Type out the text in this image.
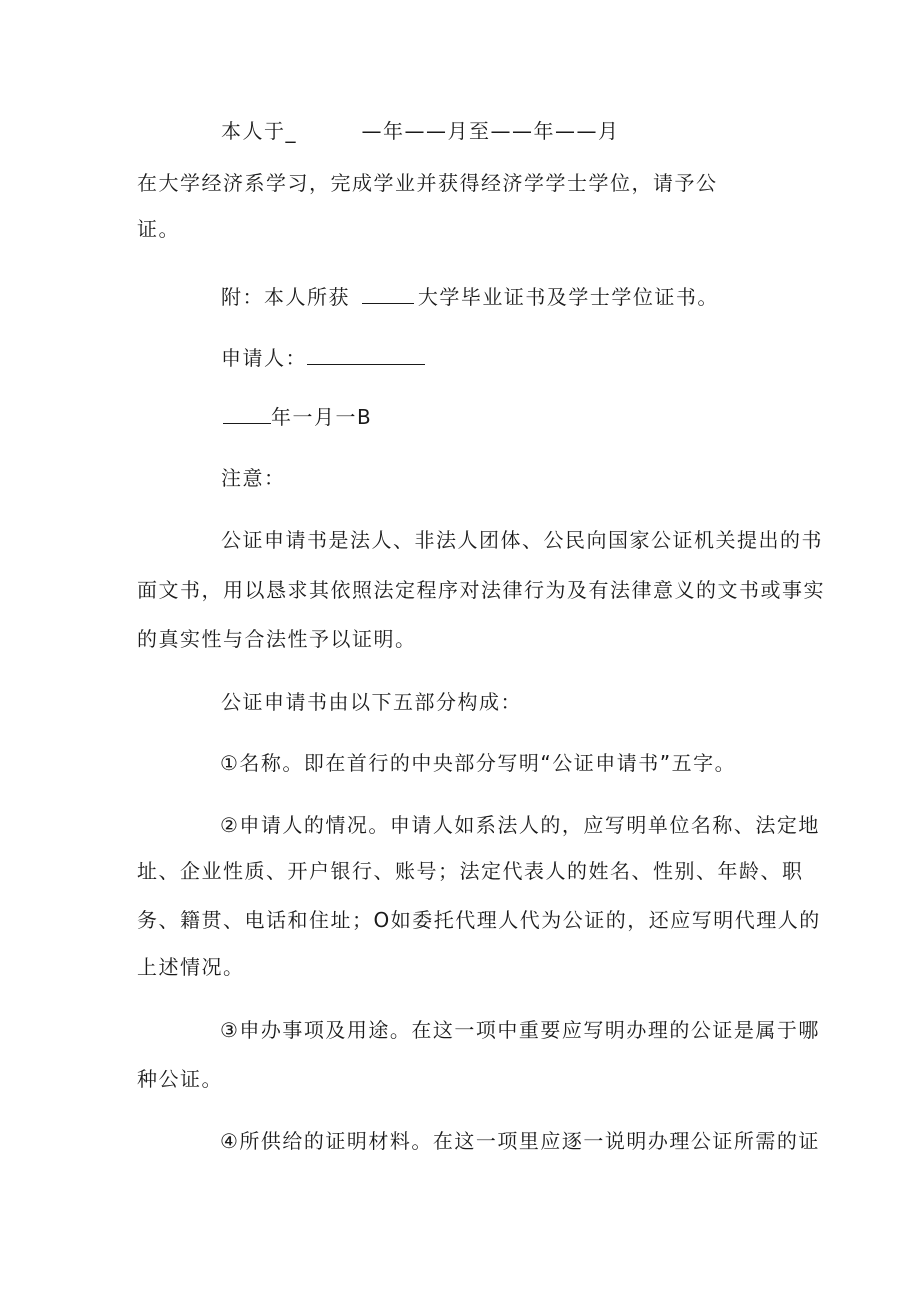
本人于_　　　—年——月至——年——月
在大学经济系学习，完成学业并获得经济学学士学位，请予公
证。
附：本人所获	大学毕业证书及学士学位证书。
申请人：
年一月一B
注意：
公证申请书是法人、非法人团体、公民向国家公证机关提出的书
面文书，用以恳求其依照法定程序对法律行为及有法律意义的文书或事实
的真实性与合法性予以证明。
公证申请书由以下五部分构成：
①名称。即在首行的中央部分写明“公证申请书”五字。
②申请人的情况。申请人如系法人的，应写明单位名称、法定地
址、企业性质、开户银行、账号；法定代表人的姓名、性别、年龄、职
务、籍贯、电话和住址；O如委托代理人代为公证的，还应写明代理人的
上述情况。
③申办事项及用途。在这一项中重要应写明办理的公证是属于哪
种公证。
④所供给的证明材料。在这一项里应逐一说明办理公证所需的证
